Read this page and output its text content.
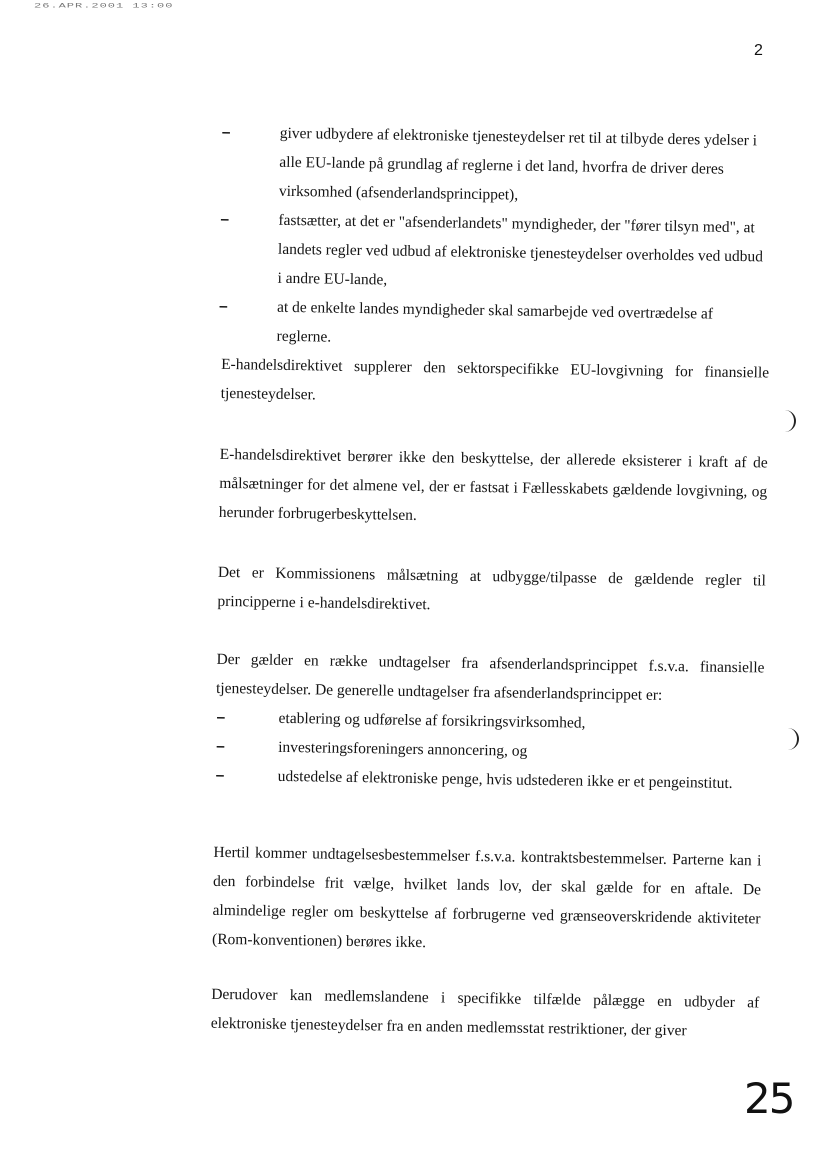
26.APR.2001 13:00
2
–	giver udbydere af elektroniske tjenesteydelser ret til at tilbyde deres ydelser i alle EU-lande på grundlag af reglerne i det land, hvorfra de driver deres virksomhed (afsenderlandsprincippet),
–	fastsætter, at det er "afsenderlandets" myndigheder, der "fører tilsyn med", at landets regler ved udbud af elektroniske tjenesteydelser overholdes ved udbud i andre EU-lande,
–	at de enkelte landes myndigheder skal samarbejde ved overtrædelse af reglerne.

E-handelsdirektivet supplerer den sektorspecifikke EU-lovgivning for finansielle tjenesteydelser.

E-handelsdirektivet berører ikke den beskyttelse, der allerede eksisterer i kraft af de målsætninger for det almene vel, der er fastsat i Fællesskabets gældende lovgivning, og herunder forbrugerbeskyttelsen.

Det er Kommissionens målsætning at udbygge/tilpasse de gældende regler til principperne i e-handelsdirektivet.

Der gælder en række undtagelser fra afsenderlandsprincippet f.s.v.a. finansielle tjenesteydelser. De generelle undtagelser fra afsenderlandsprincippet er:

–	etablering og udførelse af forsikringsvirksomhed,
–	investeringsforeningers annoncering, og
–	udstedelse af elektroniske penge, hvis udstederen ikke er et pengeinstitut.

Hertil kommer undtagelsesbestemmelser f.s.v.a. kontraktsbestemmelser. Parterne kan i den forbindelse frit vælge, hvilket lands lov, der skal gælde for en aftale. De almindelige regler om beskyttelse af forbrugerne ved grænseoverskridende aktiviteter (Rom-konventionen) berøres ikke.

Derudover kan medlemslandene i specifikke tilfælde pålægge en udbyder af elektroniske tjenesteydelser fra en anden medlemsstat restriktioner, der giver

25
